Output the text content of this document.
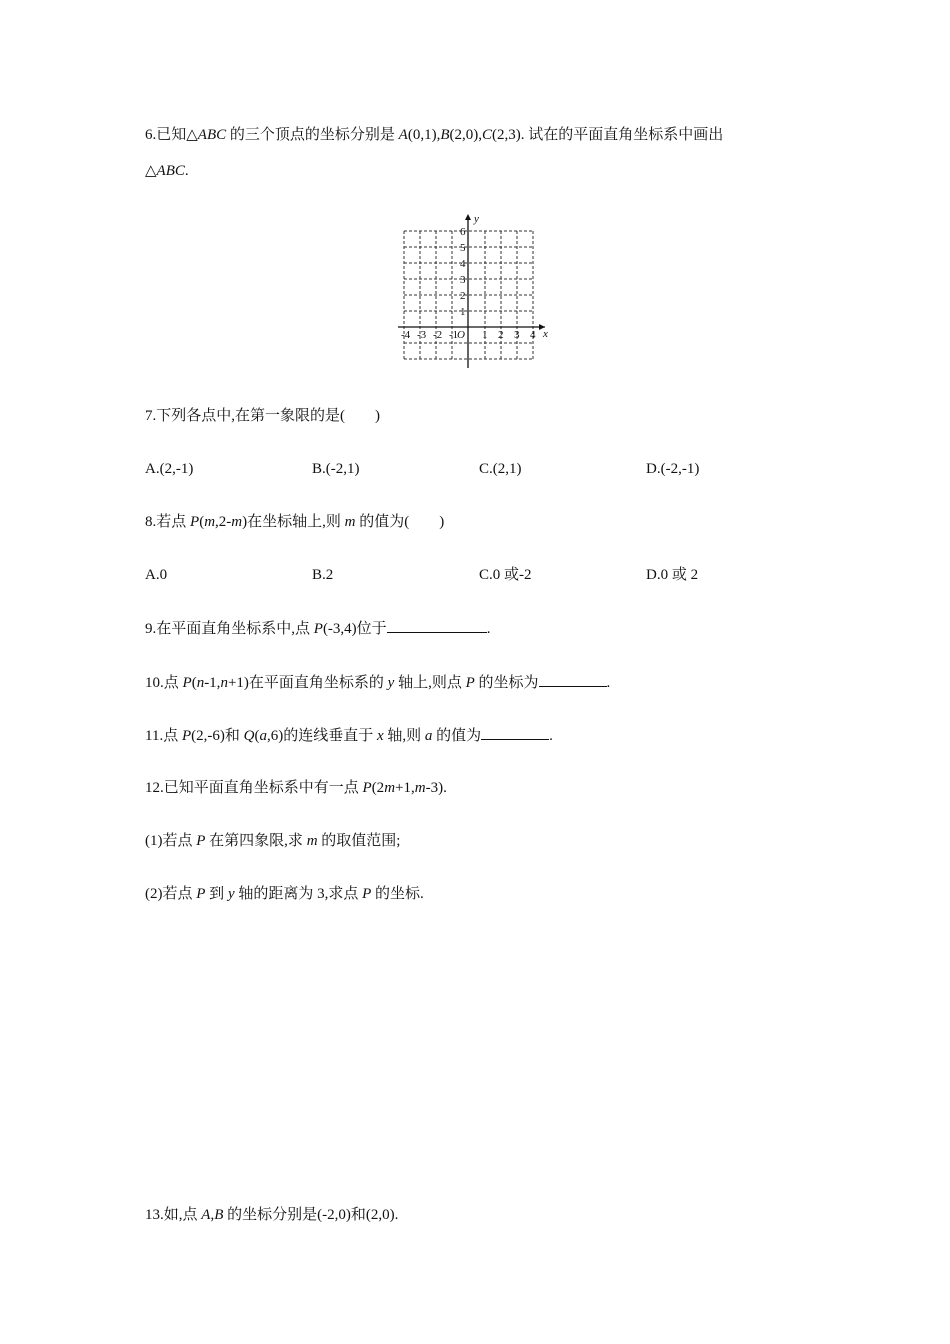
6.已知△ABC 的三个顶点的坐标分别是 A(0,1),B(2,0),C(2,3). 试在的平面直角坐标系中画出
△ABC.
y
x
O
1
2
3
4
5
6
-4 -3 -2 -1 1 2 3 4
7.下列各点中,在第一象限的是(　　)
A.(2,-1)	B.(-2,1)	C.(2,1)	D.(-2,-1)
8.若点 P(m,2-m)在坐标轴上,则 m 的值为(　　)
A.0	B.2	C.0 或-2	D.0 或 2
9.在平面直角坐标系中,点 P(-3,4)位于	.
10.点 P(n-1,n+1)在平面直角坐标系的 y 轴上,则点 P 的坐标为	.
11.点 P(2,-6)和 Q(a,6)的连线垂直于 x 轴,则 a 的值为	.
12.已知平面直角坐标系中有一点 P(2m+1,m-3).
(1)若点 P 在第四象限,求 m 的取值范围;
(2)若点 P 到 y 轴的距离为 3,求点 P 的坐标.
13.如,点 A,B 的坐标分别是(-2,0)和(2,0).
